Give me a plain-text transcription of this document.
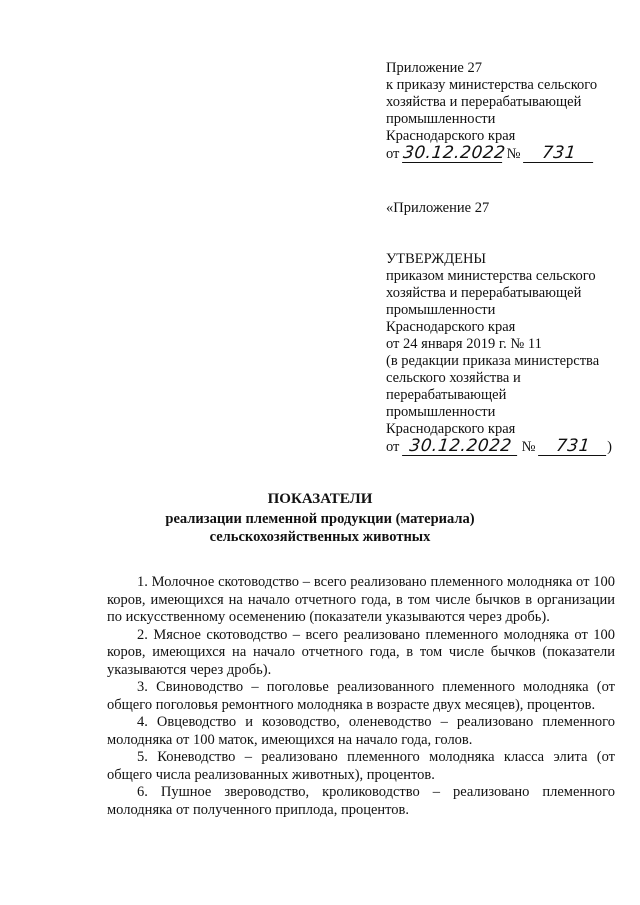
Приложение 27
к приказу министерства сельского
хозяйства и перерабатывающей
промышленности
Краснодарского края
от 30.12.2022 № 731
«Приложение 27
УТВЕРЖДЕНЫ
приказом министерства сельского
хозяйства и перерабатывающей
промышленности
Краснодарского края
от 24 января 2019 г. № 11
(в редакции приказа министерства
сельского хозяйства и
перерабатывающей
промышленности
Краснодарского края
от 30.12.2022 № 731 )
ПОКАЗАТЕЛИ
реализации племенной продукции (материала)
сельскохозяйственных животных

1. Молочное скотоводство – всего реализовано племенного молодняка от 100 коров, имеющихся на начало отчетного года, в том числе бычков в организации по искусственному осеменению (показатели указываются через дробь).

2. Мясное скотоводство – всего реализовано племенного молодняка от 100 коров, имеющихся на начало отчетного года, в том числе бычков (показатели указываются через дробь).

3. Свиноводство – поголовье реализованного племенного молодняка (от общего поголовья ремонтного молодняка в возрасте двух месяцев), процентов.

4. Овцеводство и козоводство, оленеводство – реализовано племенного молодняка от 100 маток, имеющихся на начало года, голов.

5. Коневодство – реализовано племенного молодняка класса элита (от общего числа реализованных животных), процентов.

6. Пушное звероводство, кролиководство – реализовано племенного молодняка от полученного приплода, процентов.
